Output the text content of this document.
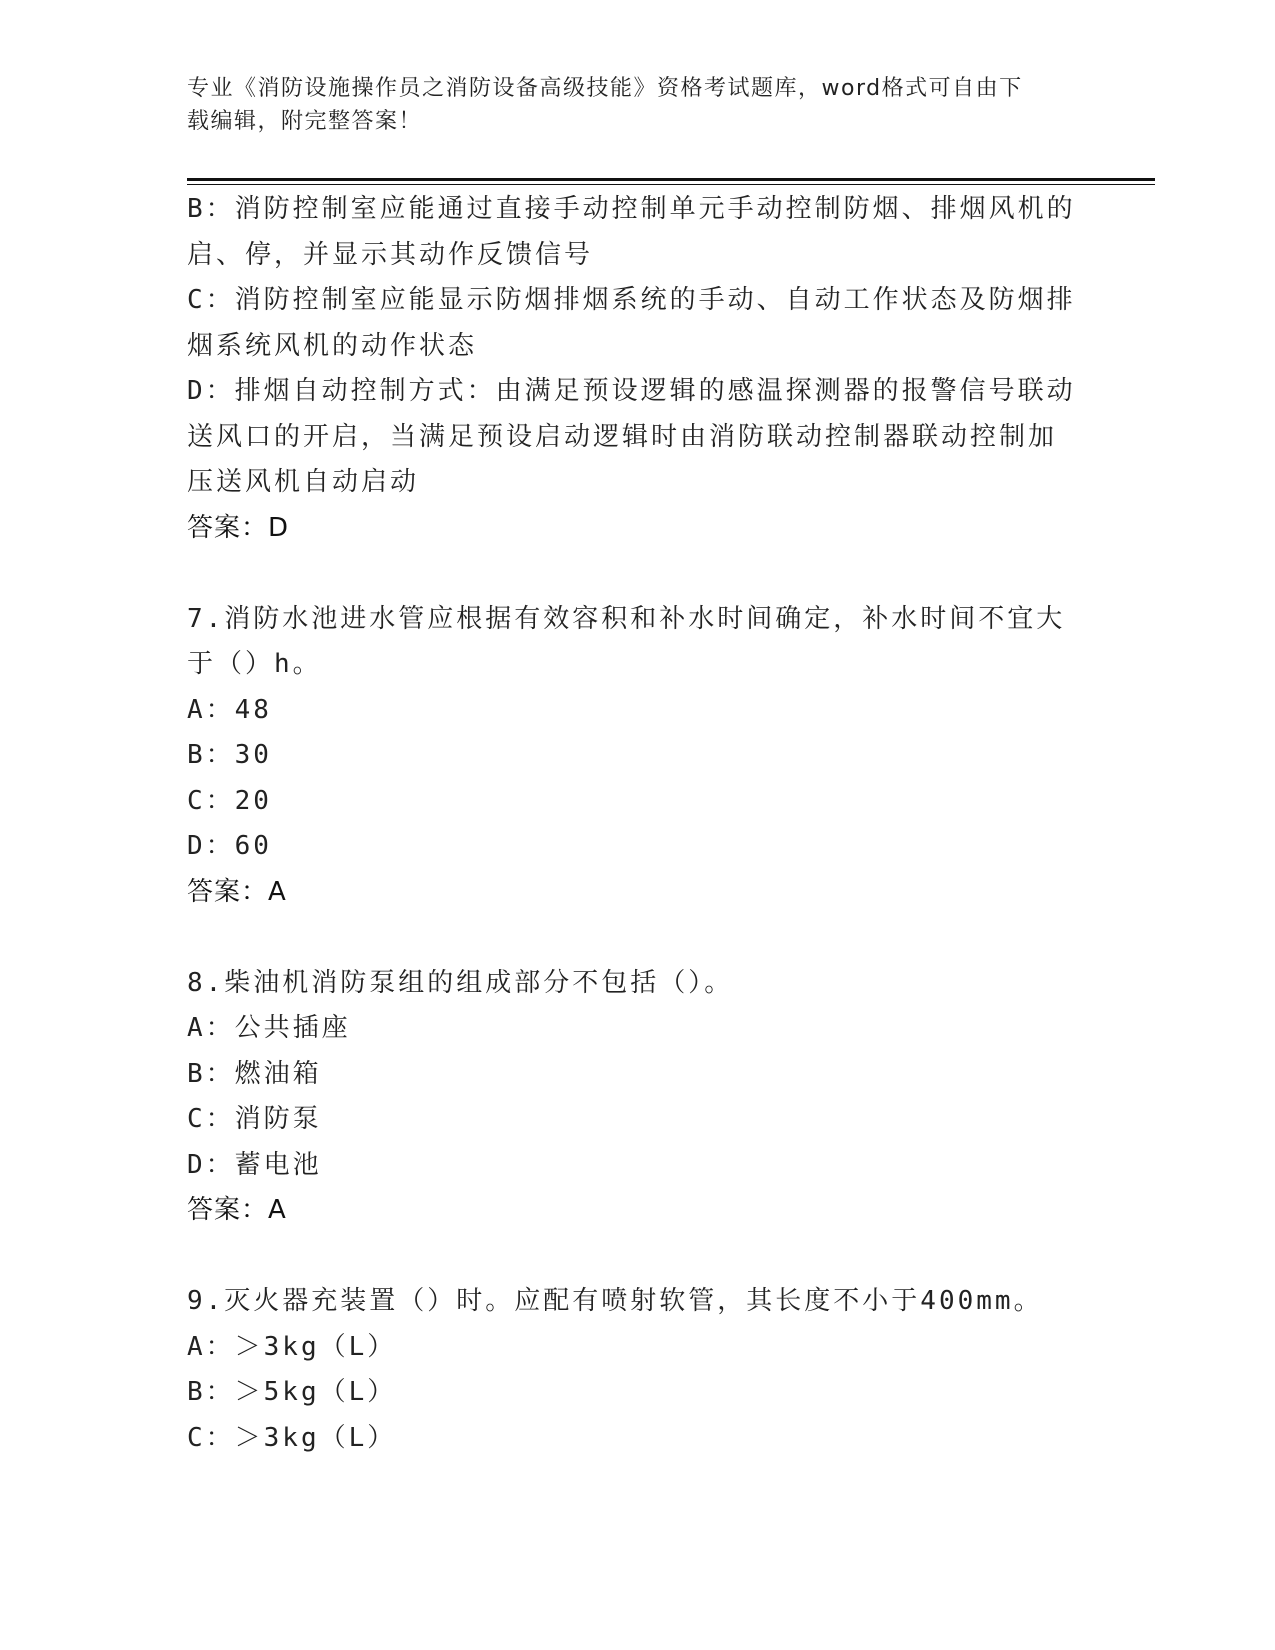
专业《消防设施操作员之消防设备高级技能》资格考试题库，word格式可自由下
载编辑，附完整答案！
B：消防控制室应能通过直接手动控制单元手动控制防烟、排烟风机的
启、停，并显示其动作反馈信号
C：消防控制室应能显示防烟排烟系统的手动、自动工作状态及防烟排
烟系统风机的动作状态
D：排烟自动控制方式：由满足预设逻辑的感温探测器的报警信号联动
送风口的开启，当满足预设启动逻辑时由消防联动控制器联动控制加
压送风机自动启动
答案：D
7.消防水池进水管应根据有效容积和补水时间确定，补水时间不宜大
于（）h。
A：48
B：30
C：20
D：60
答案：A
8.柴油机消防泵组的组成部分不包括（）。
A：公共插座
B：燃油箱
C：消防泵
D：蓄电池
答案：A
9.灭火器充装置（）时。应配有喷射软管，其长度不小于400mm。
A：＞3kg（L）
B：＞5kg（L）
C：＞3kg（L）
